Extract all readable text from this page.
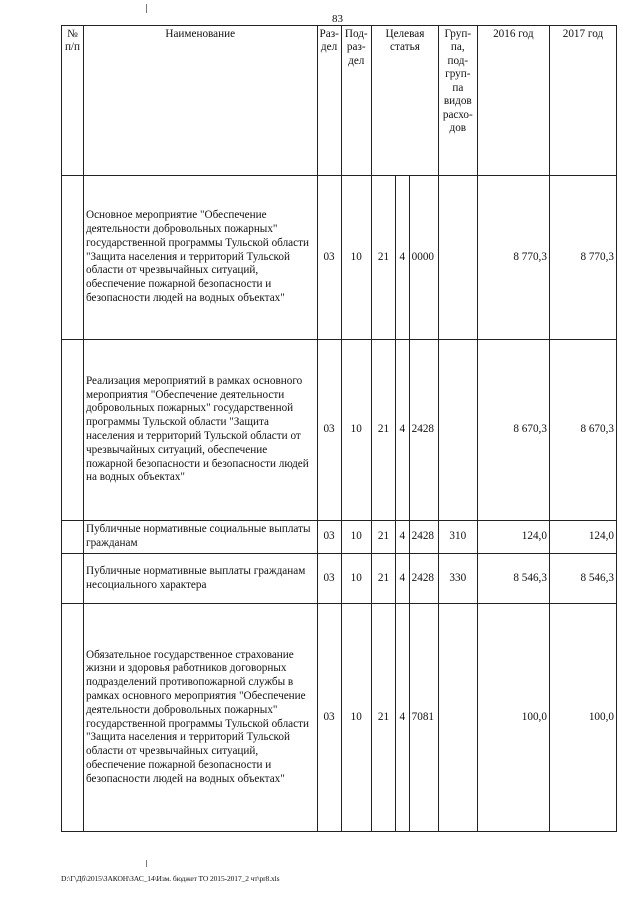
83
№ п/п	Наименование	Раз-дел	Под-раз-дел	Целевая статья			Груп-па, под-груп-па видов расхо-дов	2016 год	2017 год
	Основное мероприятие "Обеспечение деятельности добровольных пожарных" государственной программы Тульской области "Защита населения и территорий Тульской области от чрезвычайных ситуаций, обеспечение пожарной безопасности и безопасности людей на водных объектах"	03	10	21	4	0000		8 770,3	8 770,3
	Реализация мероприятий в рамках основного мероприятия "Обеспечение деятельности добровольных пожарных" государственной программы Тульской области "Защита населения и территорий Тульской области от чрезвычайных ситуаций, обеспечение пожарной безопасности и безопасности людей на водных объектах"	03	10	21	4	2428		8 670,3	8 670,3
	Публичные нормативные социальные выплаты гражданам	03	10	21	4	2428	310	124,0	124,0
	Публичные нормативные выплаты гражданам несоциального характера	03	10	21	4	2428	330	8 546,3	8 546,3
	Обязательное государственное страхование жизни и здоровья работников договорных подразделений противопожарной службы в рамках основного мероприятия "Обеспечение деятельности добровольных пожарных" государственной программы Тульской области "Защита населения и территорий Тульской области от чрезвычайных ситуаций, обеспечение пожарной безопасности и безопасности людей на водных объектах"	03	10	21	4	7081		100,0	100,0
D:\Г\Дб\2015\ЗАКОН\ЗАС_14\Изм. бюджет ТО 2015-2017_2 чт\pr8.xls
